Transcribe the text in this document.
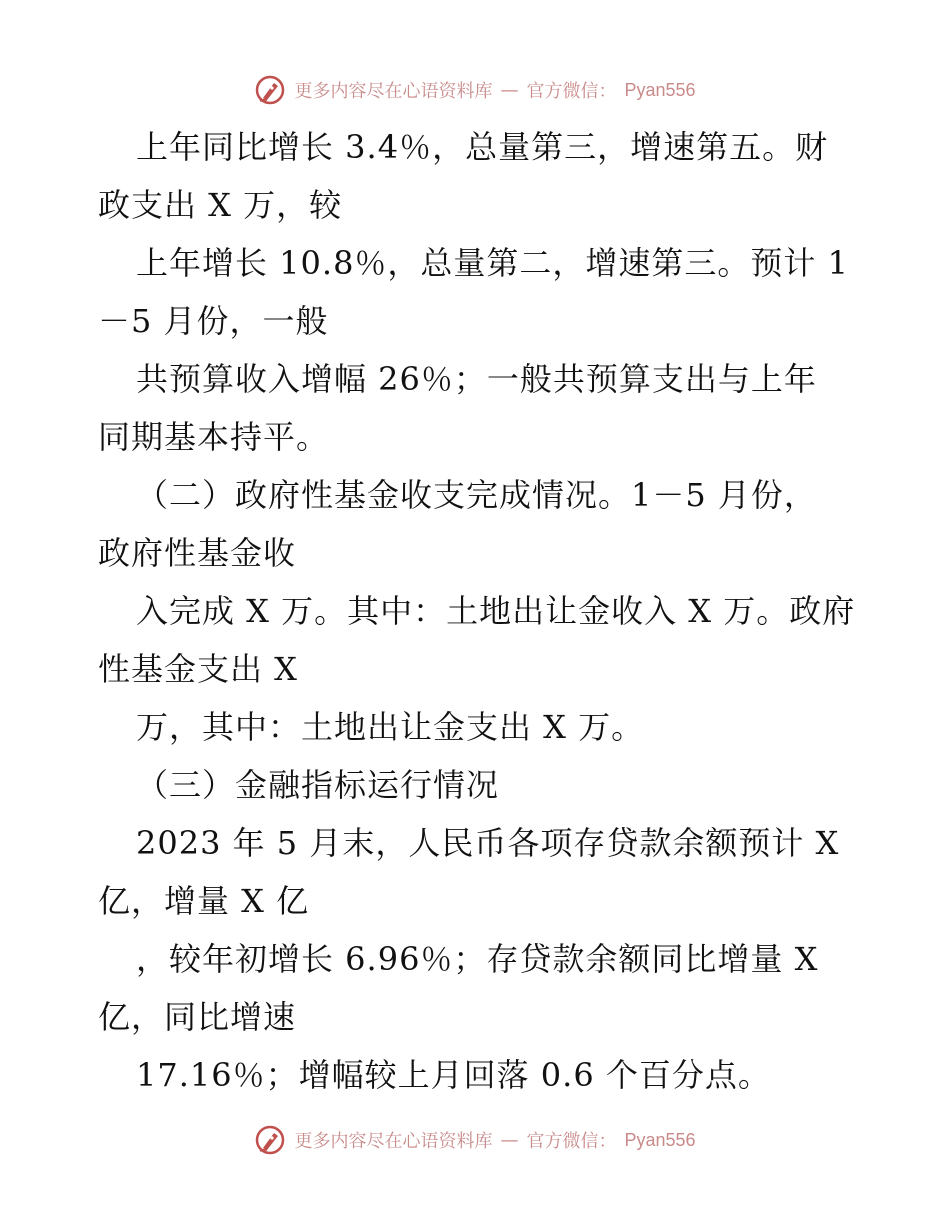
更多内容尽在心语资料库 — 官方微信： Pyan556
上年同比增长 3.4％，总量第三，增速第五。财
政支出 X 万，较
上年增长 10.8％，总量第二，增速第三。预计 1
－5 月份，一般
共预算收入增幅 26％；一般共预算支出与上年
同期基本持平。
（二）政府性基金收支完成情况。1－5 月份，
政府性基金收
入完成 X 万。其中：土地出让金收入 X 万。政府
性基金支出 X
万，其中：土地出让金支出 X 万。
（三）金融指标运行情况
2023 年 5 月末，人民币各项存贷款余额预计 X
亿，增量 X 亿
，较年初增长 6.96％；存贷款余额同比增量 X
亿，同比增速
17.16％；增幅较上月回落 0.6 个百分点。
更多内容尽在心语资料库 — 官方微信： Pyan556
